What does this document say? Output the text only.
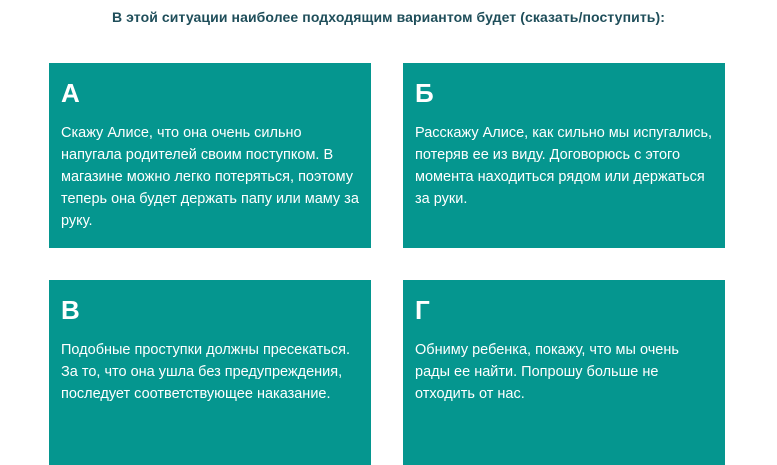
В этой ситуации наиболее подходящим вариантом будет (сказать/поступить):
А
Скажу Алисе, что она очень сильно напугала родителей своим поступком. В магазине можно легко потеряться, поэтому теперь она будет держать папу или маму за руку.
Б
Расскажу Алисе, как сильно мы испугались, потеряв ее из виду. Договорюсь с этого момента находиться рядом или держаться за руки.
В
Подобные проступки должны пресекаться. За то, что она ушла без предупреждения, последует соответствующее наказание.
Г
Обниму ребенка, покажу, что мы очень рады ее найти. Попрошу больше не отходить от нас.
